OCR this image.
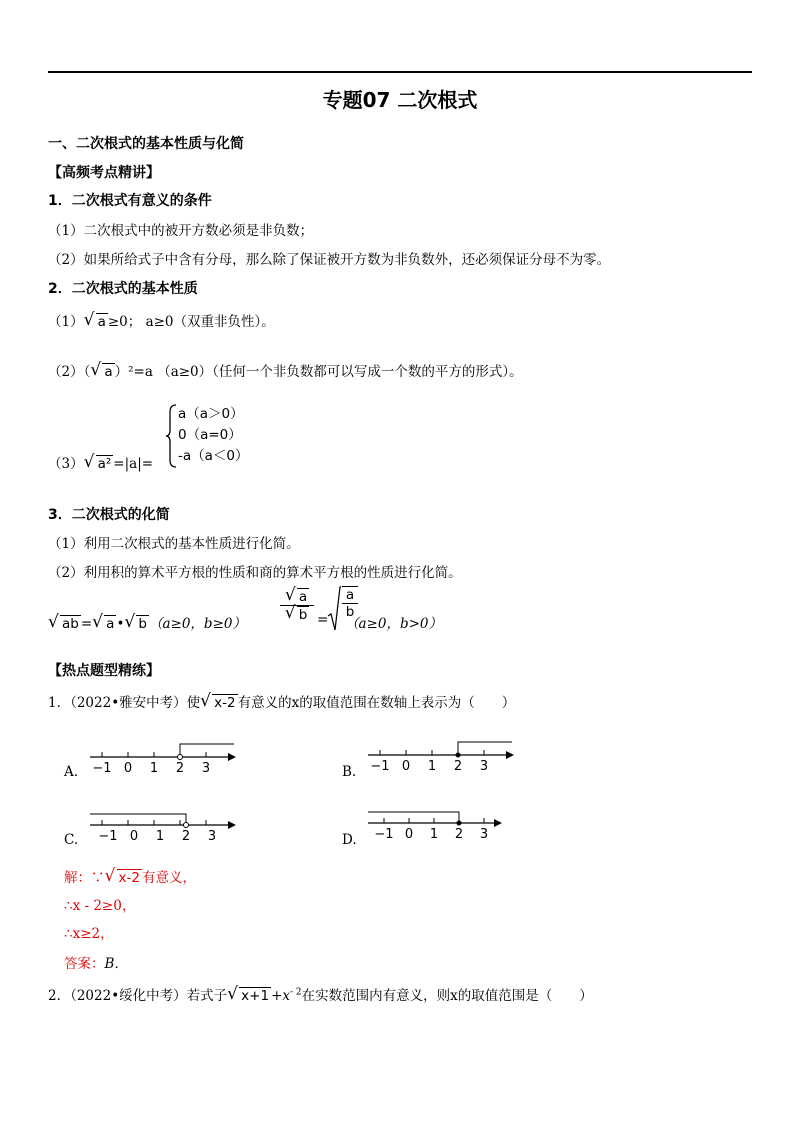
专题07 二次根式
一、二次根式的基本性质与化简
【高频考点精讲】
1．二次根式有意义的条件
（1）二次根式中的被开方数必须是非负数；
（2）如果所给式子中含有分母，那么除了保证被开方数为非负数外，还必须保证分母不为零。
2．二次根式的基本性质
（1） √ a ≥0； a≥0（双重非负性）。
（2）（ √ a ）²=a （a≥0）（任何一个非负数都可以写成一个数的平方的形式）。
（3） √ a² =|a|=
a（a＞0）
0（a=0）
-a（a＜0）
3．二次根式的化简
（1）利用二次根式的基本性质进行化简。
（2）利用积的算术平方根的性质和商的算术平方根的性质进行化简。
√ ab = √ a • √ b （a≥0，b≥0）
√ a
√ b =
a
b
（a≥0，b>0）
【热点题型精练】
1．（2022•雅安中考）使 √ x-2 有意义的x的取值范围在数轴上表示为（　　）
A. −1 0 1 2 3	B. −1 0 1 2 3
C. −1 0 1 2 3	D. −1 0 1 2 3
解：∵ √ x-2 有意义，
∴x - 2≥0，
∴x≥2，
答案：B．
2．（2022•绥化中考）若式子 √ $x+1 +x^{- 2}$在实数范围内有意义，则x的取值范围是（　　）
